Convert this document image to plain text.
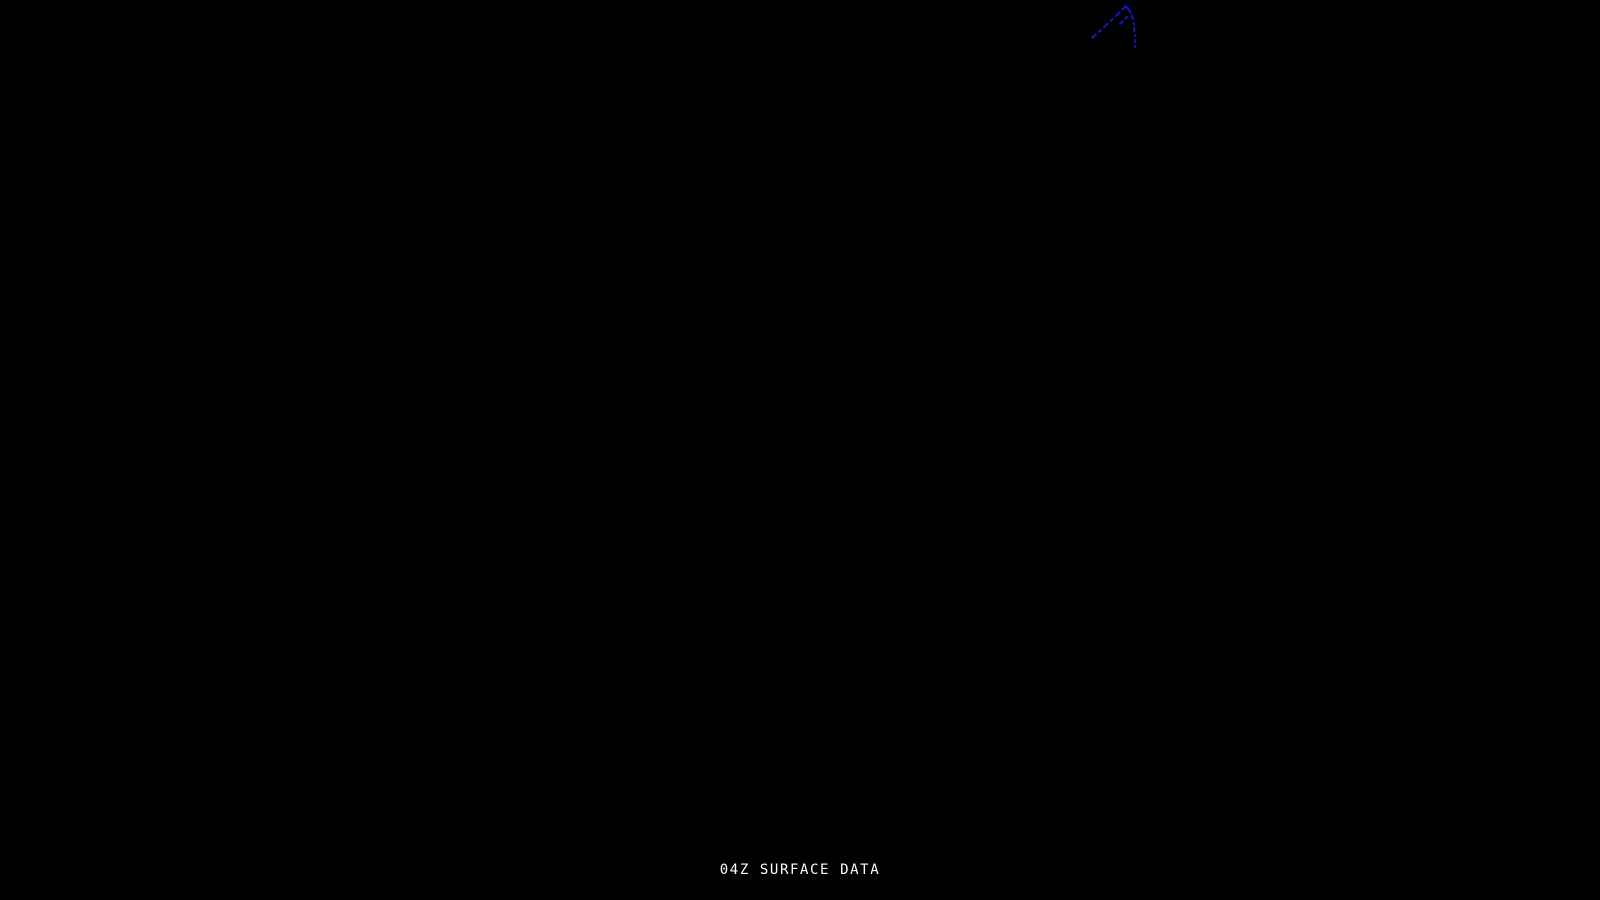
04Z SURFACE DATA
